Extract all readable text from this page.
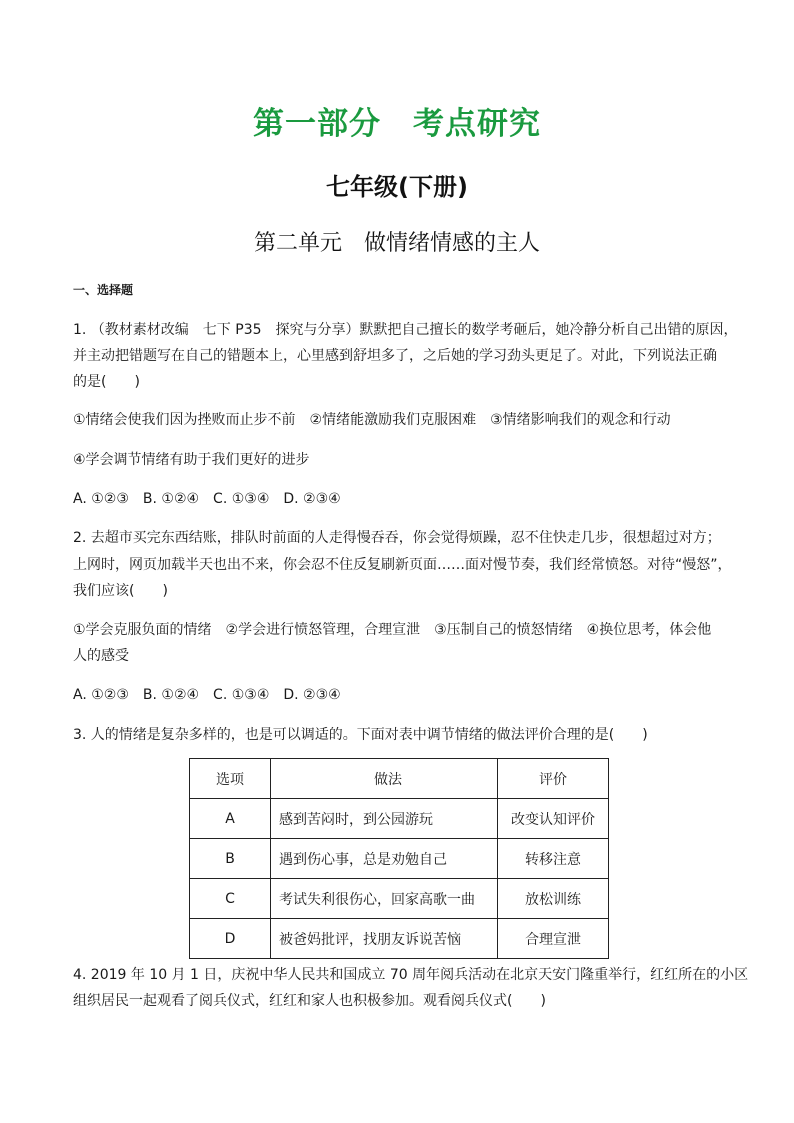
第一部分　考点研究
七年级(下册)
第二单元　做情绪情感的主人
一、选择题
1. （教材素材改编　七下 P35　探究与分享）默默把自己擅长的数学考砸后，她冷静分析自己出错的原因，
并主动把错题写在自己的错题本上，心里感到舒坦多了，之后她的学习劲头更足了。对此，下列说法正确
的是(　　)
①情绪会使我们因为挫败而止步不前　②情绪能激励我们克服困难　③情绪影响我们的观念和行动
④学会调节情绪有助于我们更好的进步
A. ①②③　B. ①②④　C. ①③④　D. ②③④
2. 去超市买完东西结账，排队时前面的人走得慢吞吞，你会觉得烦躁，忍不住快走几步，很想超过对方；
上网时，网页加载半天也出不来，你会忍不住反复刷新页面……面对慢节奏，我们经常愤怒。对待“慢怒”，
我们应该(　　)
①学会克服负面的情绪　②学会进行愤怒管理，合理宣泄　③压制自己的愤怒情绪　④换位思考，体会他
人的感受
A. ①②③　B. ①②④　C. ①③④　D. ②③④
3. 人的情绪是复杂多样的，也是可以调适的。下面对表中调节情绪的做法评价合理的是(　　)
选项	做法	评价
A	感到苦闷时，到公园游玩	改变认知评价
B	遇到伤心事，总是劝勉自己	转移注意
C	考试失利很伤心，回家高歌一曲	放松训练
D	被爸妈批评，找朋友诉说苦恼	合理宣泄
4. 2019 年 10 月 1 日，庆祝中华人民共和国成立 70 周年阅兵活动在北京天安门隆重举行，红红所在的小区
组织居民一起观看了阅兵仪式，红红和家人也积极参加。观看阅兵仪式(　　)
